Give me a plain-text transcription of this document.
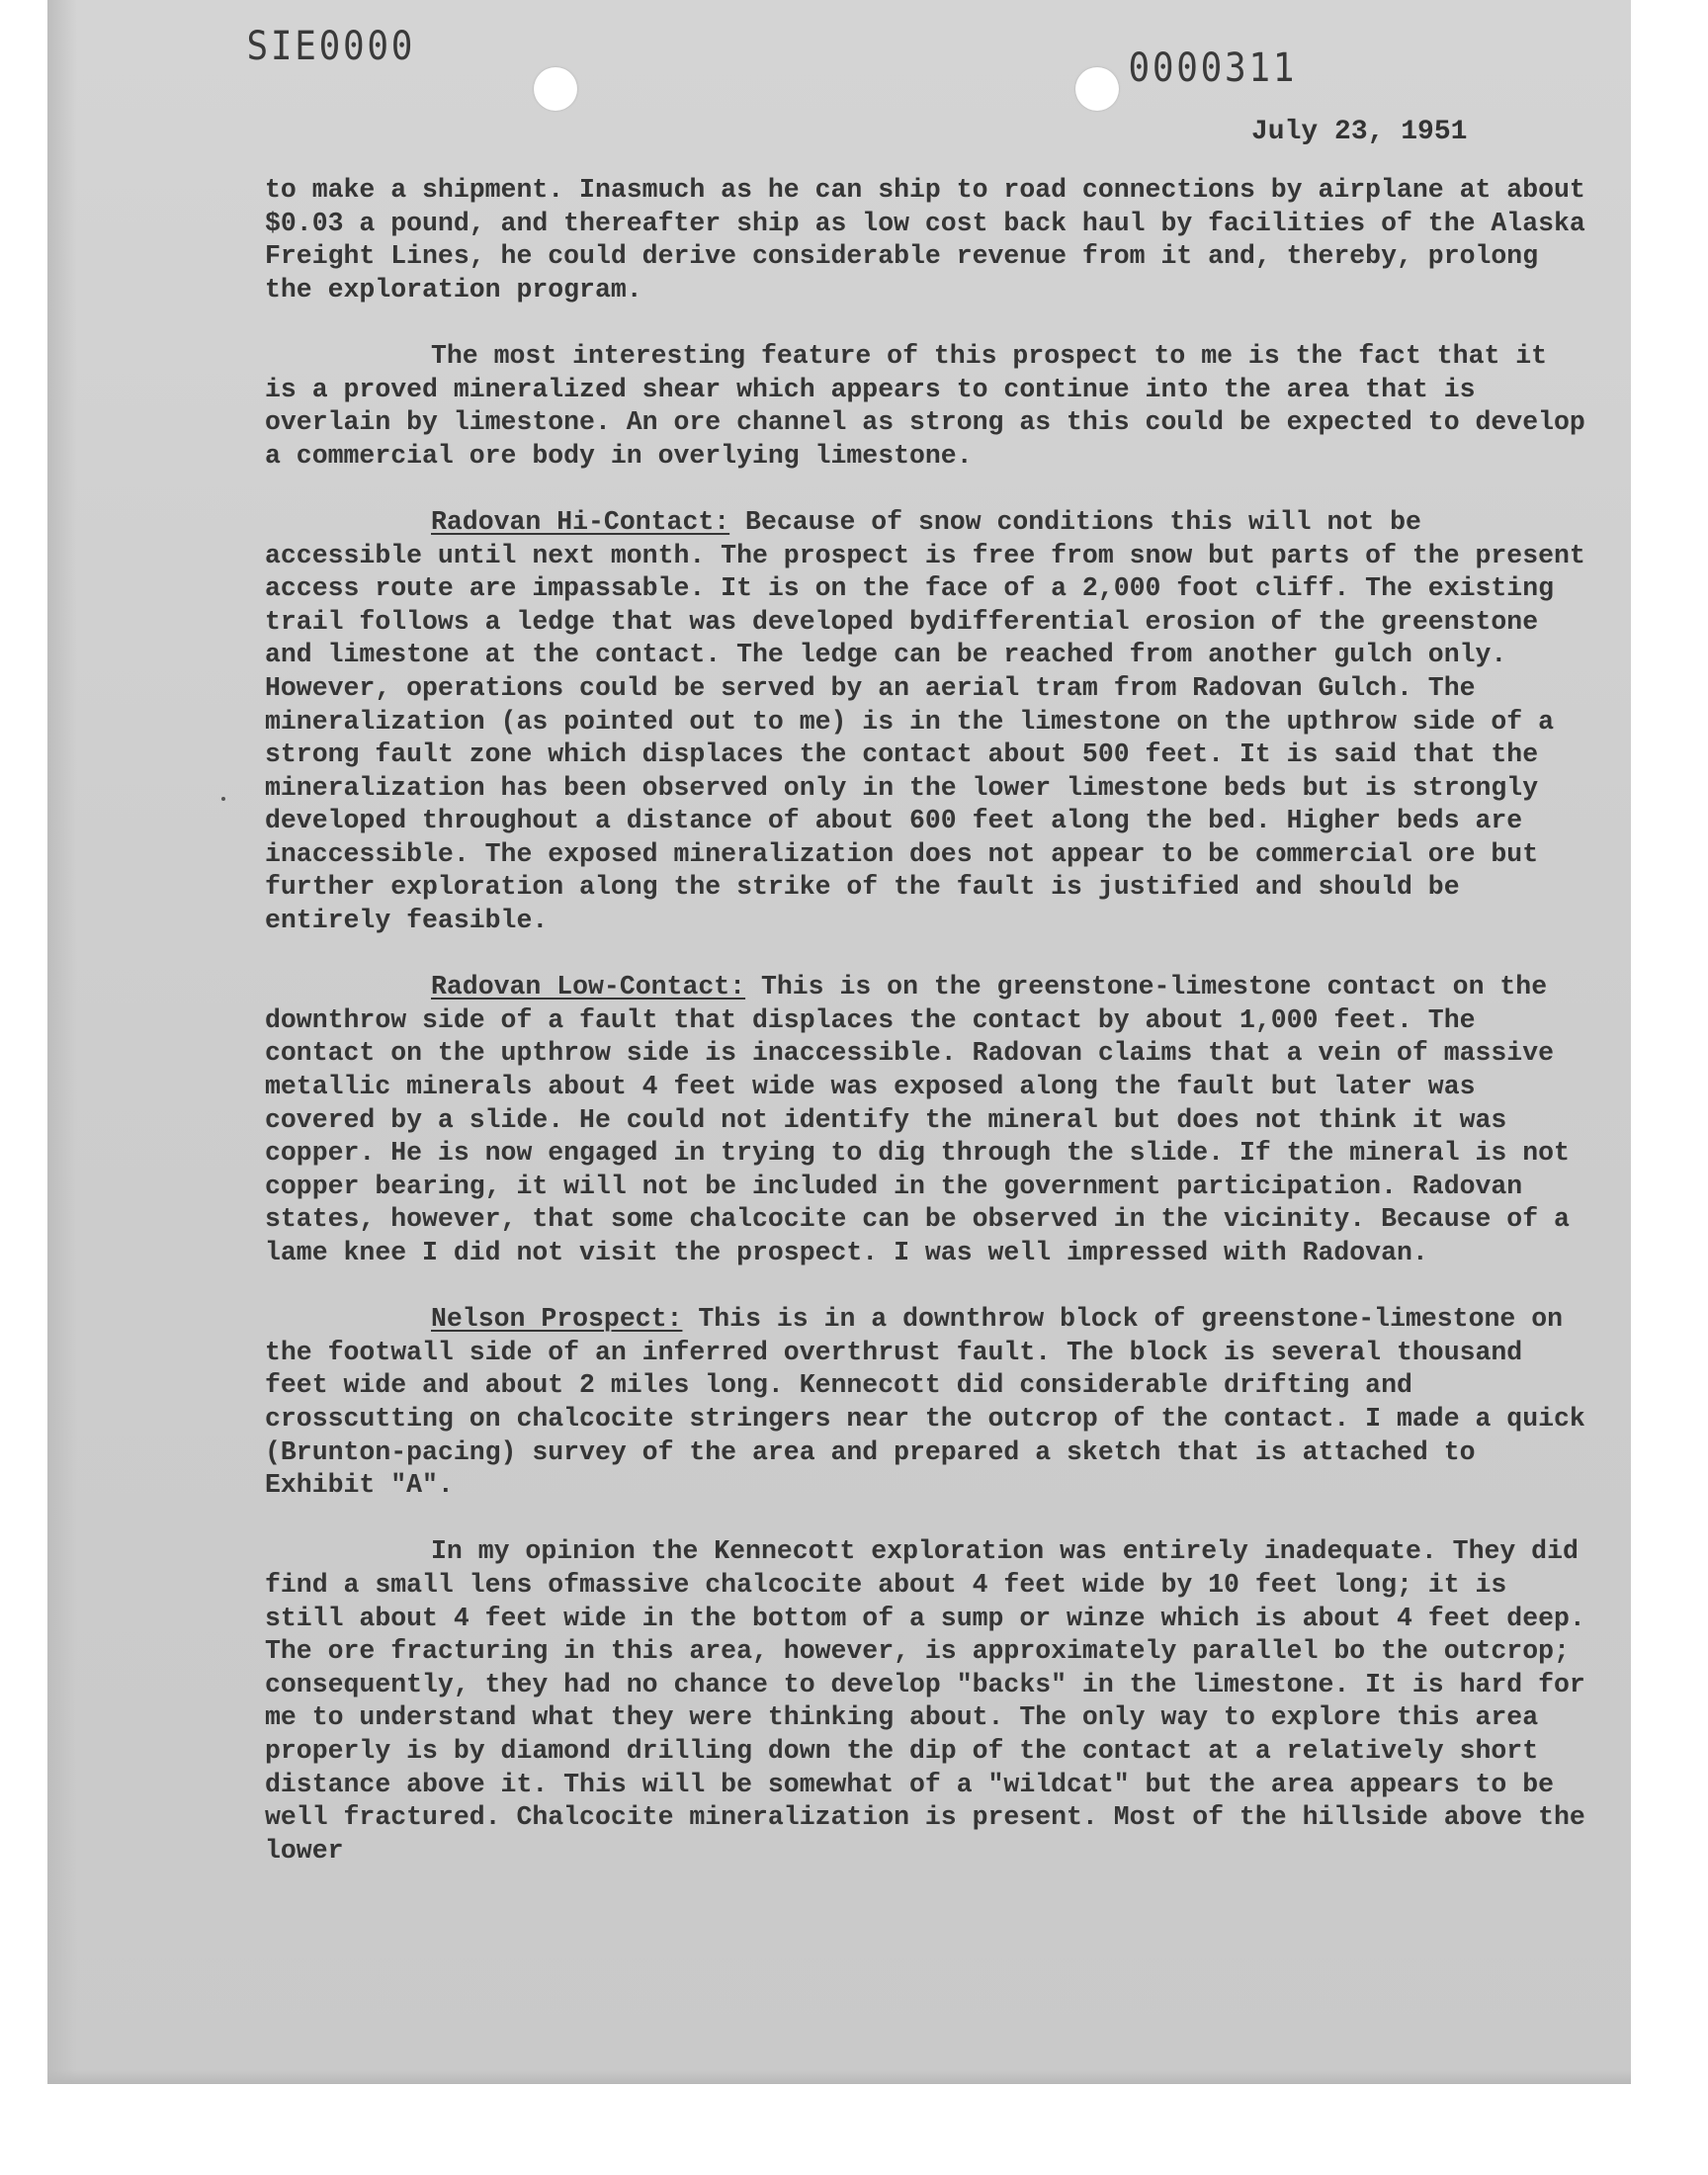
SIE0000	0000311
July 23, 1951

to make a shipment. Inasmuch as he can ship to road connections by airplane at about $0.03 a pound, and thereafter ship as low cost back haul by facilities of the Alaska Freight Lines, he could derive considerable revenue from it and, thereby, prolong the exploration program.

The most interesting feature of this prospect to me is the fact that it is a proved mineralized shear which appears to continue into the area that is overlain by limestone. An ore channel as strong as this could be expected to develop a commercial ore body in overlying limestone.

Radovan Hi-Contact: Because of snow conditions this will not be accessible until next month. The prospect is free from snow but parts of the present access route are impassable. It is on the face of a 2,000 foot cliff. The existing trail follows a ledge that was developed bydifferential erosion of the greenstone and limestone at the contact. The ledge can be reached from another gulch only. However, operations could be served by an aerial tram from Radovan Gulch. The mineralization (as pointed out to me) is in the limestone on the upthrow side of a strong fault zone which displaces the contact about 500 feet. It is said that the mineralization has been observed only in the lower limestone beds but is strongly developed throughout a distance of about 600 feet along the bed. Higher beds are inaccessible. The exposed mineralization does not appear to be commercial ore but further exploration along the strike of the fault is justified and should be entirely feasible.

Radovan Low-Contact: This is on the greenstone-limestone contact on the downthrow side of a fault that displaces the contact by about 1,000 feet. The contact on the upthrow side is inaccessible. Radovan claims that a vein of massive metallic minerals about 4 feet wide was exposed along the fault but later was covered by a slide. He could not identify the mineral but does not think it was copper. He is now engaged in trying to dig through the slide. If the mineral is not copper bearing, it will not be included in the government participation. Radovan states, however, that some chalcocite can be observed in the vicinity. Because of a lame knee I did not visit the prospect. I was well impressed with Radovan.

Nelson Prospect: This is in a downthrow block of greenstone-limestone on the footwall side of an inferred overthrust fault. The block is several thousand feet wide and about 2 miles long. Kennecott did considerable drifting and crosscutting on chalcocite stringers near the outcrop of the contact. I made a quick (Brunton-pacing) survey of the area and prepared a sketch that is attached to Exhibit "A".

In my opinion the Kennecott exploration was entirely inadequate. They did find a small lens ofmassive chalcocite about 4 feet wide by 10 feet long; it is still about 4 feet wide in the bottom of a sump or winze which is about 4 feet deep. The ore fracturing in this area, however, is approximately parallel bo the outcrop; consequently, they had no chance to develop "backs" in the limestone. It is hard for me to understand what they were thinking about. The only way to explore this area properly is by diamond drilling down the dip of the contact at a relatively short distance above it. This will be somewhat of a "wildcat" but the area appears to be well fractured. Chalcocite mineralization is present. Most of the hillside above the lower
